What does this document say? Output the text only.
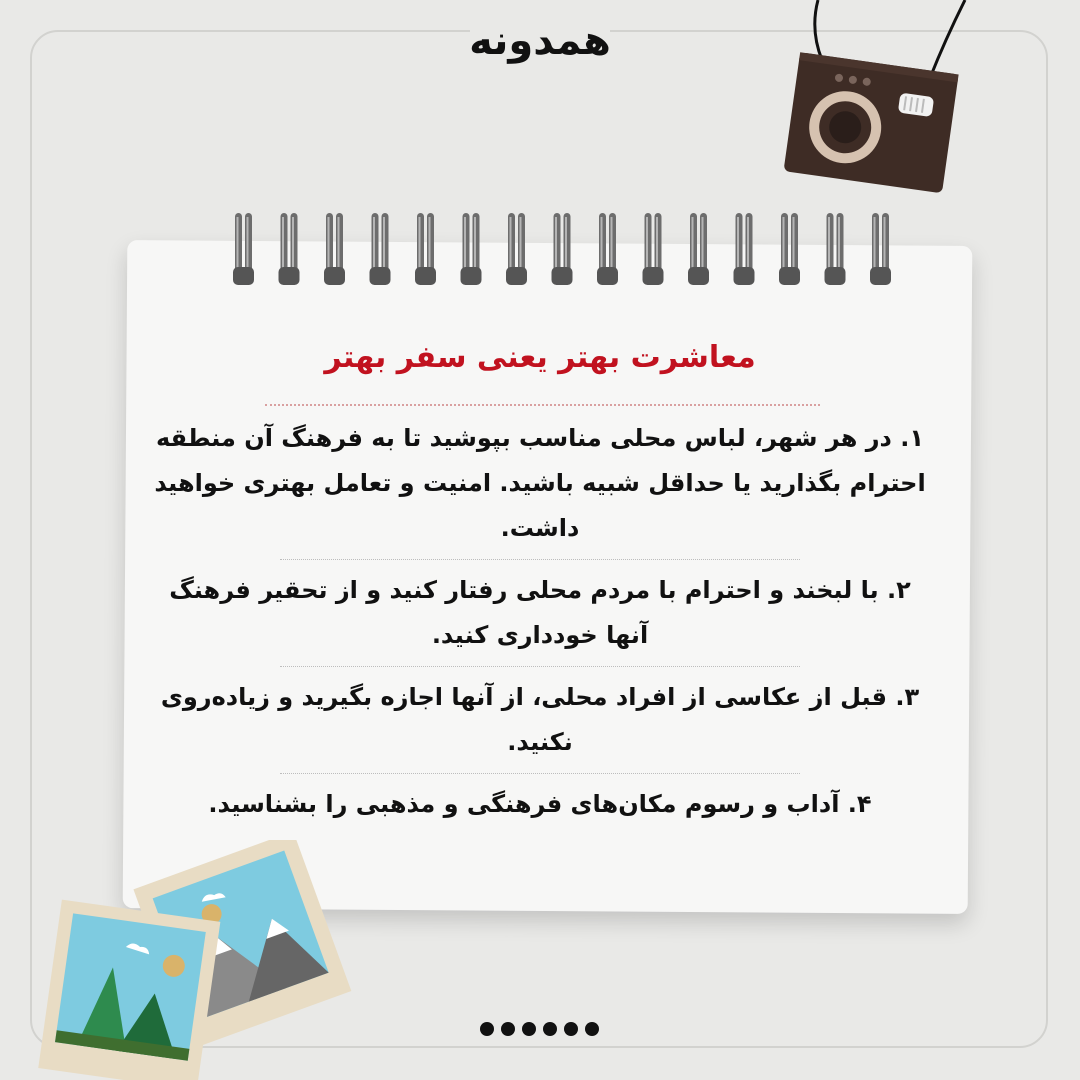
همدونه
معاشرت بهتر یعنی سفر بهتر

۱. در هر شهر، لباس محلی مناسب بپوشید تا به فرهنگ آن منطقه احترام بگذارید یا حداقل شبیه باشید. امنیت و تعامل بهتری خواهید داشت.

۲. با لبخند و احترام با مردم محلی رفتار کنید و از تحقیر فرهنگ آنها خودداری کنید.

۳. قبل از عکاسی از افراد محلی، از آنها اجازه بگیرید و زیاده‌روی نکنید.

۴. آداب و رسوم مکان‌های فرهنگی و مذهبی را بشناسید.
